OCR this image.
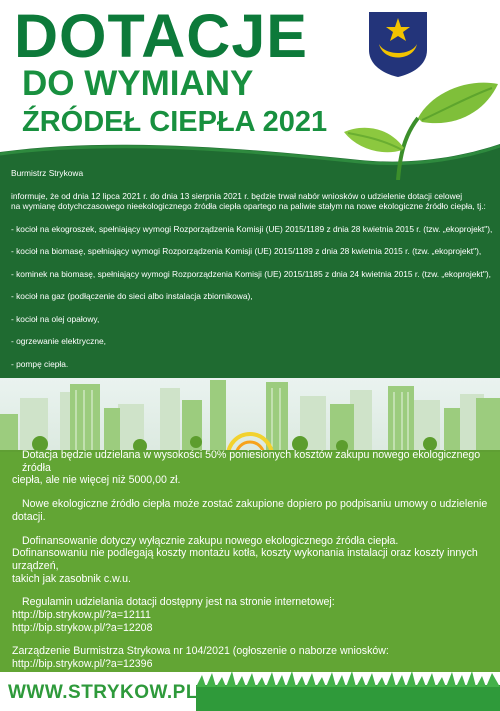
DOTACJE
DO WYMIANY
ŹRÓDEŁ CIEPŁA 2021

Burmistrz Strykowa

informuje, że od dnia 12 lipca 2021 r. do dnia 13 sierpnia 2021 r. będzie trwał nabór wniosków o udzielenie dotacji celowej

na wymianę dotychczasowego nieekologicznego źródła ciepła opartego na paliwie stałym na nowe ekologiczne źródło ciepła, tj.:

- kocioł na ekogroszek, spełniający wymogi Rozporządzenia Komisji (UE) 2015/1189 z dnia 28 kwietnia 2015 r. (tzw. „ekoprojekt"),

- kocioł na biomasę, spełniający wymogi Rozporządzenia Komisji (UE) 2015/1189 z dnia 28 kwietnia 2015 r. (tzw. „ekoprojekt"),

- kominek na biomasę, spełniający wymogi Rozporządzenia Komisji (UE) 2015/1185 z dnia 24 kwietnia 2015 r. (tzw. „ekoprojekt"),

- kocioł na gaz (podłączenie do sieci albo instalacja zbiornikowa),

- kocioł na olej opałowy,

- ogrzewanie elektryczne,

- pompę ciepła.

Dotacja będzie udzielana w wysokości 50% poniesionych kosztów zakupu nowego ekologicznego źródła
ciepła, ale nie więcej niż 5000,00 zł.
Nowe ekologiczne źródło ciepła może zostać zakupione dopiero po podpisaniu umowy o udzielenie
dotacji.
Dofinansowanie dotyczy wyłącznie zakupu nowego ekologicznego źródła ciepła.
Dofinansowaniu nie podlegają koszty montażu kotła, koszty wykonania instalacji oraz koszty innych
urządzeń,
takich jak zasobnik c.w.u.
Regulamin udzielania dotacji dostępny jest na stronie internetowej:
http://bip.strykow.pl/?a=12111
http://bip.strykow.pl/?a=12208
Zarządzenie Burmistrza Strykowa nr 104/2021 (ogłoszenie o naborze wniosków:
http://bip.strykow.pl/?a=12396
WWW.STRYKOW.PL
